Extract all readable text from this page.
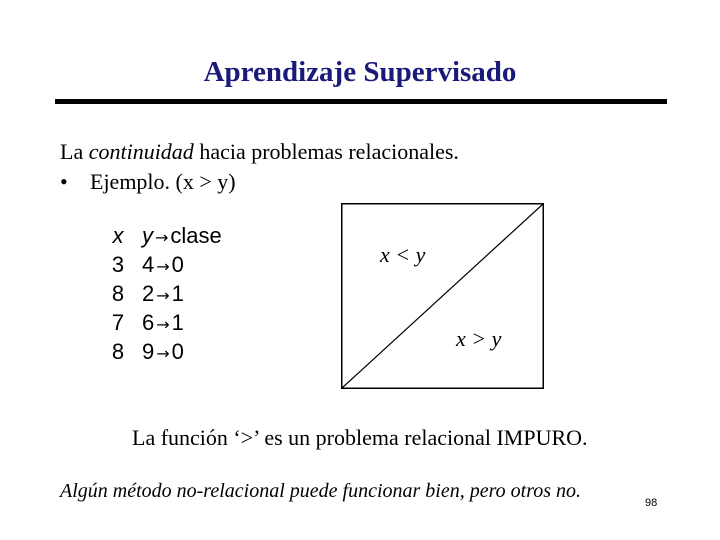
Aprendizaje Supervisado
La continuidad hacia problemas relacionales.
• Ejemplo. (x > y)
x y →clase
3 4 →0
8 2 →1
7 6 →1
8 9 →0
x < y
x > y
La función ‘>’ es un problema relacional IMPURO.
Algún método no-relacional puede funcionar bien, pero otros no.
98
